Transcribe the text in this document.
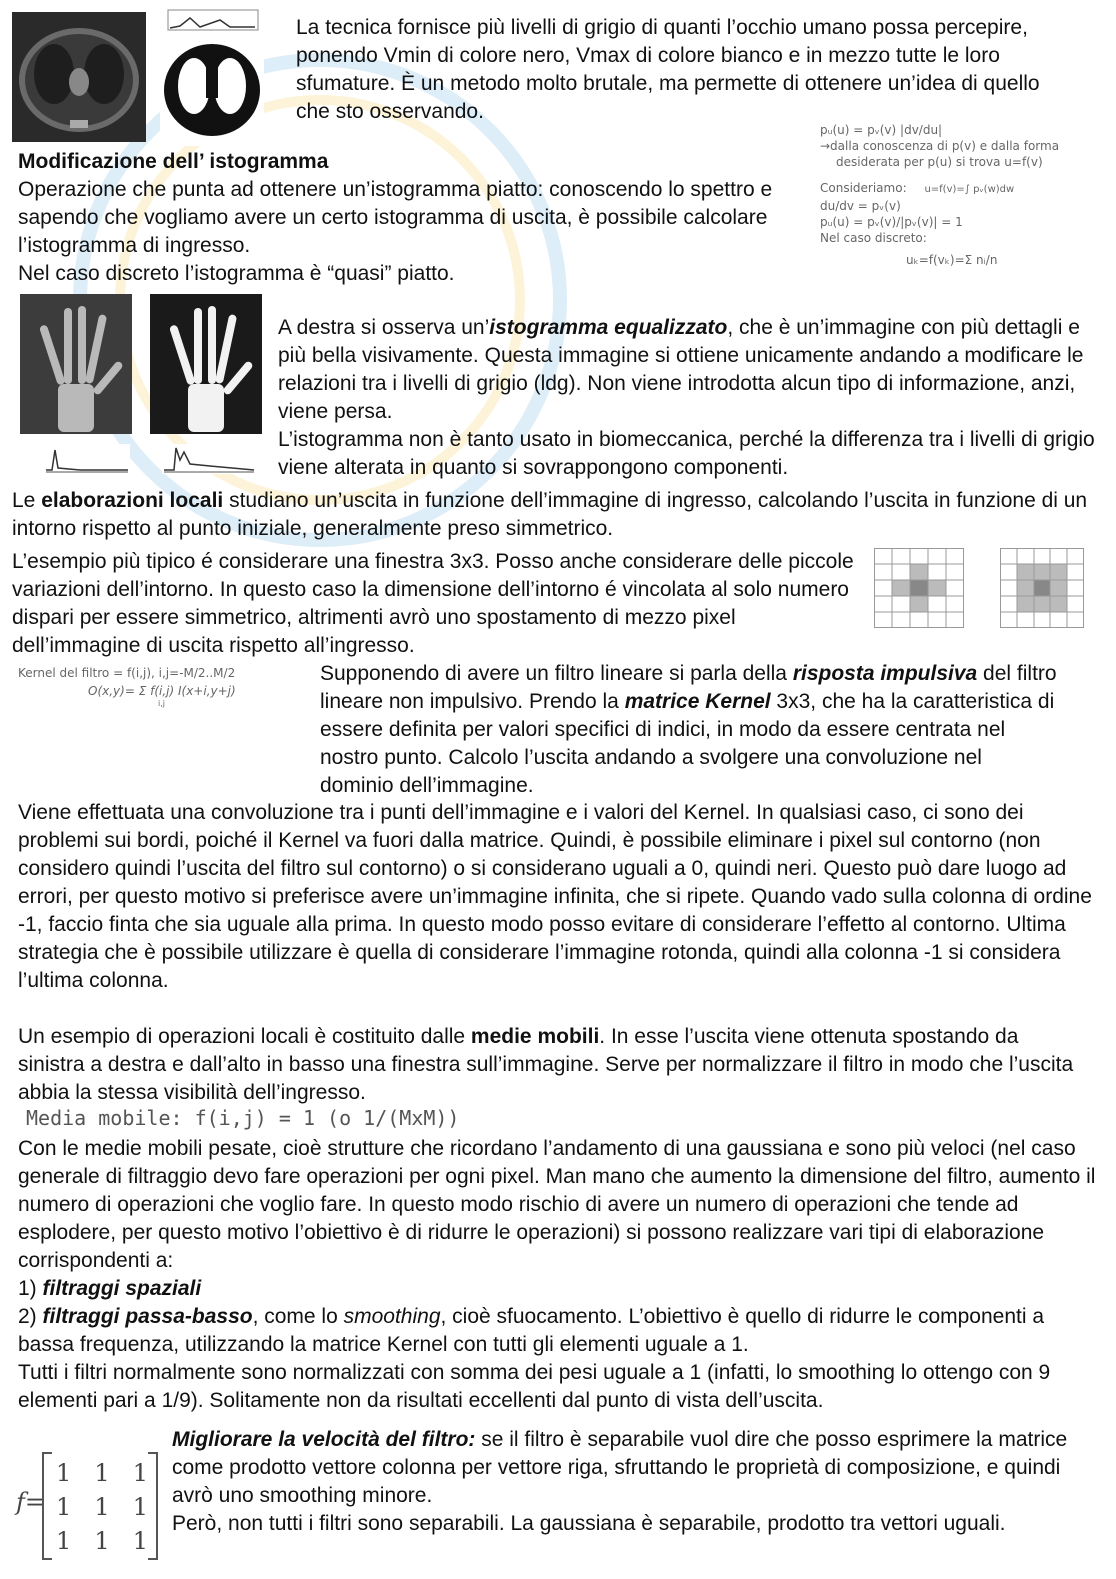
La tecnica fornisce più livelli di grigio di quanti l’occhio umano possa percepire, ponendo Vmin di colore nero, Vmax di colore bianco e in mezzo tutte le loro sfumature. È un metodo molto brutale, ma permette di ottenere un’idea di quello che sto osservando.

pᵤ(u) = pᵥ(v) |dv/du|
→dalla conoscenza di p(v) e dalla forma
desiderata per p(u) si trova u=f(v)
Consideriamo: u=f(v)=∫ pᵥ(w)dw
du/dv = pᵥ(v)
pᵤ(u) = pᵥ(v)/|pᵥ(v)| = 1
Nel caso discreto:
uₖ=f(vₖ)=Σ nᵢ/n
Modificazione dell’ istogramma
Operazione che punta ad ottenere un’istogramma piatto: conoscendo lo spettro e sapendo che vogliamo avere un certo istogramma di uscita, è possibile calcolare l’istogramma di ingresso.
Nel caso discreto l’istogramma è “quasi” piatto.
A destra si osserva un’istogramma equalizzato, che è un’immagine con più dettagli e più bella visivamente. Questa immagine si ottiene unicamente andando a modificare le relazioni tra i livelli di grigio (ldg). Non viene introdotta alcun tipo di informazione, anzi, viene persa.
L’istogramma non è tanto usato in biomeccanica, perché la differenza tra i livelli di grigio viene alterata in quanto si sovrappongono componenti.
Le elaborazioni locali studiano un’uscita in funzione dell’immagine di ingresso, calcolando l’uscita in funzione di un intorno rispetto al punto iniziale, generalmente preso simmetrico.
L’esempio più tipico é considerare una finestra 3x3. Posso anche considerare delle piccole variazioni dell’intorno. In questo caso la dimensione dell’intorno é vincolata al solo numero dispari per essere simmetrico, altrimenti avrò uno spostamento di mezzo pixel dell’immagine di uscita rispetto all’ingresso.
Kernel del filtro = f(i,j), i,j=-M/2..M/2
O(x,y)= Σ f(i,j) I(x+i,y+j)
i,j
Supponendo di avere un filtro lineare si parla della risposta impulsiva del filtro lineare non impulsivo. Prendo la matrice Kernel 3x3, che ha la caratteristica di essere definita per valori specifici di indici, in modo da essere centrata nel nostro punto. Calcolo l’uscita andando a svolgere una convoluzione nel dominio dell’immagine.
Viene effettuata una convoluzione tra i punti dell’immagine e i valori del Kernel. In qualsiasi caso, ci sono dei problemi sui bordi, poiché il Kernel va fuori dalla matrice. Quindi, è possibile eliminare i pixel sul contorno (non considero quindi l’uscita del filtro sul contorno) o si considerano uguali a 0, quindi neri. Questo può dare luogo ad errori, per questo motivo si preferisce avere un’immagine infinita, che si ripete. Quando vado sulla colonna di ordine -1, faccio finta che sia uguale alla prima. In questo modo posso evitare di considerare l’effetto al contorno. Ultima strategia che è possibile utilizzare è quella di considerare l’immagine rotonda, quindi alla colonna -1 si considera l’ultima colonna.
Un esempio di operazioni locali è costituito dalle medie mobili. In esse l’uscita viene ottenuta spostando da sinistra a destra e dall’alto in basso una finestra sull’immagine. Serve per normalizzare il filtro in modo che l’uscita abbia la stessa visibilità dell’ingresso.
Media mobile: f(i,j) = 1 (o 1/(MxM))
Con le medie mobili pesate, cioè strutture che ricordano l’andamento di una gaussiana e sono più veloci (nel caso generale di filtraggio devo fare operazioni per ogni pixel. Man mano che aumento la dimensione del filtro, aumento il numero di operazioni che voglio fare. In questo modo rischio di avere un numero di operazioni che tende ad esplodere, per questo motivo l’obiettivo è di ridurre le operazioni) si possono realizzare vari tipi di elaborazione corrispondenti a:
1) filtraggi spaziali
2) filtraggi passa-basso, come lo smoothing, cioè sfuocamento. L’obiettivo è quello di ridurre le componenti a bassa frequenza, utilizzando la matrice Kernel con tutti gli elementi uguale a 1.
Tutti i filtri normalmente sono normalizzati con somma dei pesi uguale a 1 (infatti, lo smoothing lo ottengo con 9 elementi pari a 1/9). Solitamente non da risultati eccellenti dal punto di vista dell’uscita.
f=
1 1 1
1 1 1
1 1 1
Migliorare la velocità del filtro: se il filtro è separabile vuol dire che posso esprimere la matrice come prodotto vettore colonna per vettore riga, sfruttando le proprietà di composizione, e quindi avrò uno smoothing minore.
Però, non tutti i filtri sono separabili. La gaussiana è separabile, prodotto tra vettori uguali.
